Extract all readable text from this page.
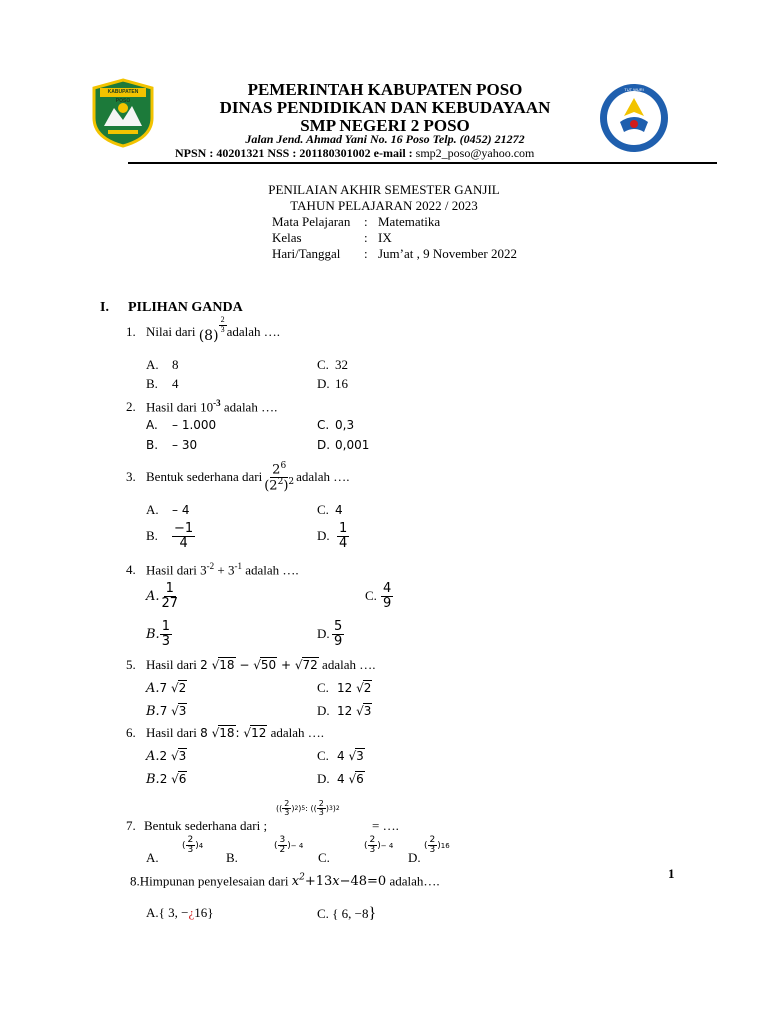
KABUPATEN POSO
TUT WURI HANDAYANI
PEMERINTAH KABUPATEN POSO
DINAS PENDIDIKAN DAN KEBUDAYAAN
SMP NEGERI 2 POSO
Jalan Jend. Ahmad Yani No. 16 Poso Telp. (0452) 21272
NPSN : 40201321 NSS : 201180301002 e-mail : smp2_poso@yahoo.com
PENILAIAN AKHIR SEMESTER GANJIL
TAHUN PELAJARAN 2022 / 2023
Mata Pelajaran : Matematika
Kelas	: IX
Hari/Tanggal : Jum’at , 9 November 2022
I. PILIHAN GANDA
1. Nilai dari (8)
$\frac{2}{3}$ adalah ….
A. 8
B. 4
C. 32
D. 16
2. Hasil dari $10^{-3}$ adalah ….
A. – 1.000
B. – 30
C. 0,3
D. 0,001
3. Bentuk sederhana dari $\frac{2^6}{(2^2)^2}$ adalah ….
A. – 4
B.	$\frac{-1}{4}$
C. 4
D. $\frac{1}{4}$
4. Hasil dari $3^{-2} + 3^{-1}$ adalah ….
A. $\frac{1}{27}$
B. $\frac{1}{3}$
C. $\frac{4}{9}$
D. $\frac{5}{9}$
5. Hasil dari 2 √18 − √50 + √72 adalah ….
A.7 √2
B.7 √3
C. 12 √2
D. 12 √3
6. Hasil dari 8 √18: √12 adalah ….
A.2 √3
B.2 √6
C. 4 √3
D. 4 √6
7. Bentuk sederhana dari ;
(( $\frac{2}{3}$ ) 2 ) 5 : (( $\frac{2}{3}$ ) 3 ) 2
= ….
A.
( $\frac{2}{3}$ ) 4
B.
( $\frac{3}{2}$ ) − 4
C.
( $\frac{2}{3}$ ) − 4
D.
( $\frac{2}{3}$ ) 16
8.Himpunan penyelesaian dari $x^2+13x-48=0$ adalah….	1
A.{ 3, −¿16}	C. { 6, −8}
